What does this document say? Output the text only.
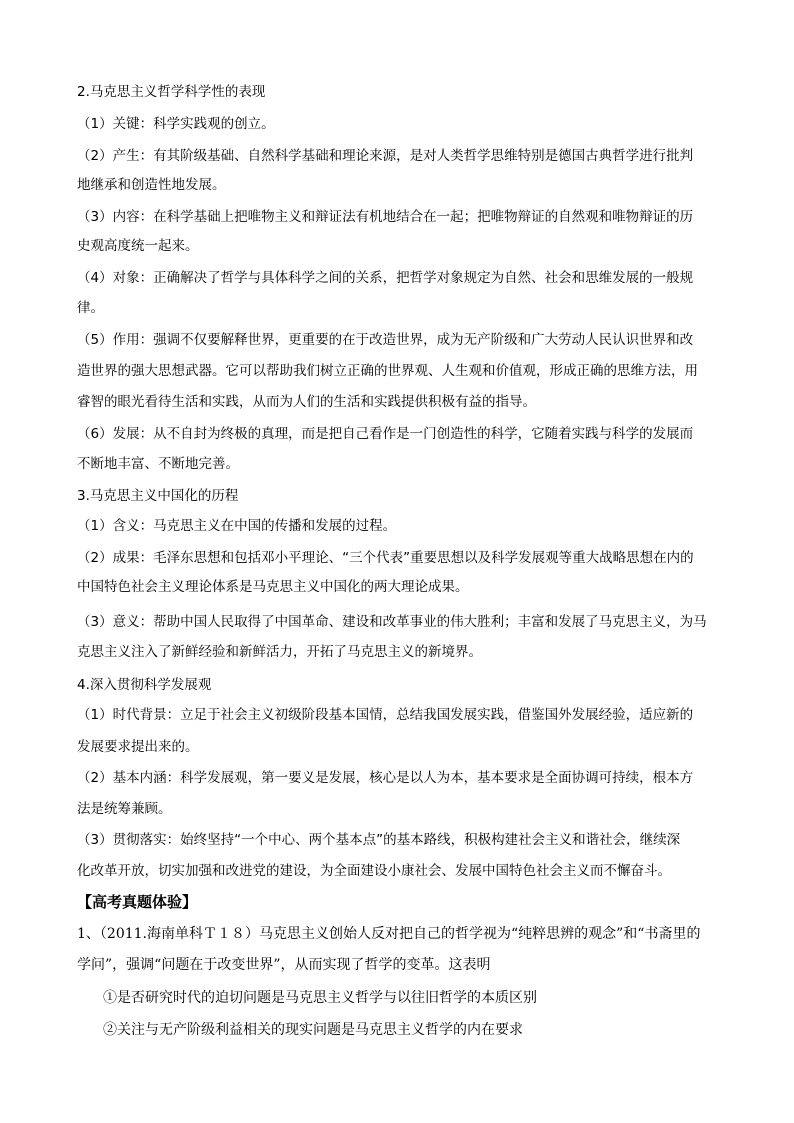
2.马克思主义哲学科学性的表现
（1）关键：科学实践观的创立。
（2）产生：有其阶级基础、自然科学基础和理论来源，是对人类哲学思维特别是德国古典哲学进行批判
地继承和创造性地发展。
（3）内容：在科学基础上把唯物主义和辩证法有机地结合在一起；把唯物辩证的自然观和唯物辩证的历
史观高度统一起来。
（4）对象：正确解决了哲学与具体科学之间的关系，把哲学对象规定为自然、社会和思维发展的一般规
律。
（5）作用：强调不仅要解释世界，更重要的在于改造世界，成为无产阶级和广大劳动人民认识世界和改
造世界的强大思想武器。它可以帮助我们树立正确的世界观、人生观和价值观，形成正确的思维方法，用
睿智的眼光看待生活和实践，从而为人们的生活和实践提供积极有益的指导。
（6）发展：从不自封为终极的真理，而是把自己看作是一门创造性的科学，它随着实践与科学的发展而
不断地丰富、不断地完善。
3.马克思主义中国化的历程
（1）含义：马克思主义在中国的传播和发展的过程。
（2）成果：毛泽东思想和包括邓小平理论、“三个代表”重要思想以及科学发展观等重大战略思想在内的
中国特色社会主义理论体系是马克思主义中国化的两大理论成果。
（3）意义：帮助中国人民取得了中国革命、建设和改革事业的伟大胜利；丰富和发展了马克思主义，为马
克思主义注入了新鲜经验和新鲜活力，开拓了马克思主义的新境界。
4.深入贯彻科学发展观
（1）时代背景：立足于社会主义初级阶段基本国情，总结我国发展实践，借鉴国外发展经验，适应新的
发展要求提出来的。
（2）基本内涵：科学发展观，第一要义是发展，核心是以人为本，基本要求是全面协调可持续，根本方
法是统筹兼顾。
（3）贯彻落实：始终坚持“一个中心、两个基本点”的基本路线，积极构建社会主义和谐社会，继续深
化改革开放，切实加强和改进党的建设，为全面建设小康社会、发展中国特色社会主义而不懈奋斗。
【高考真题体验】
1、（2011.海南单科Ｔ１８）马克思主义创始人反对把自己的哲学视为“纯粹思辨的观念”和“书斋里的
学问”，强调“问题在于改变世界”，从而实现了哲学的变革。这表明
①是否研究时代的迫切问题是马克思主义哲学与以往旧哲学的本质区别
②关注与无产阶级利益相关的现实问题是马克思主义哲学的内在要求
